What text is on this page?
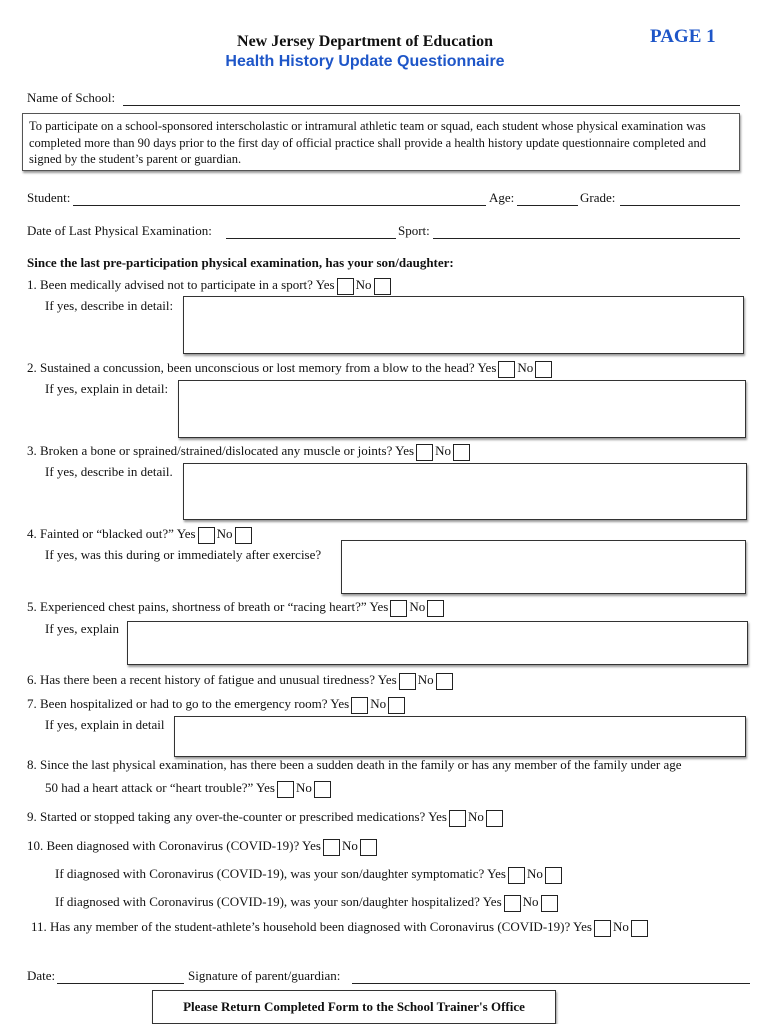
New Jersey Department of Education
Health History Update Questionnaire
PAGE 1
Name of School:
To participate on a school-sponsored interscholastic or intramural athletic team or squad, each student whose physical examination was completed more than 90 days prior to the first day of official practice shall provide a health history update questionnaire completed and signed by the student’s parent or guardian.
Student:	Age:	Grade:
Date of Last Physical Examination:	Sport:
Since the last pre-participation physical examination, has your son/daughter:
1. Been medically advised not to participate in a sport? Yes No
If yes, describe in detail:
2. Sustained a concussion, been unconscious or lost memory from a blow to the head? Yes No
If yes, explain in detail:
3. Broken a bone or sprained/strained/dislocated any muscle or joints? Yes No
If yes, describe in detail.
4. Fainted or “blacked out?” Yes No
If yes, was this during or immediately after exercise?
5. Experienced chest pains, shortness of breath or “racing heart?” Yes No
If yes, explain
6. Has there been a recent history of fatigue and unusual tiredness? Yes No
7. Been hospitalized or had to go to the emergency room? Yes No
If yes, explain in detail
8. Since the last physical examination, has there been a sudden death in the family or has any member of the family under age
50 had a heart attack or “heart trouble?” Yes No
9. Started or stopped taking any over-the-counter or prescribed medications? Yes No
10. Been diagnosed with Coronavirus (COVID-19)? Yes No
If diagnosed with Coronavirus (COVID-19), was your son/daughter symptomatic? Yes No
If diagnosed with Coronavirus (COVID-19), was your son/daughter hospitalized? Yes No
11. Has any member of the student-athlete’s household been diagnosed with Coronavirus (COVID-19)? Yes No
Date:	Signature of parent/guardian:
Please Return Completed Form to the School Trainer's Office
